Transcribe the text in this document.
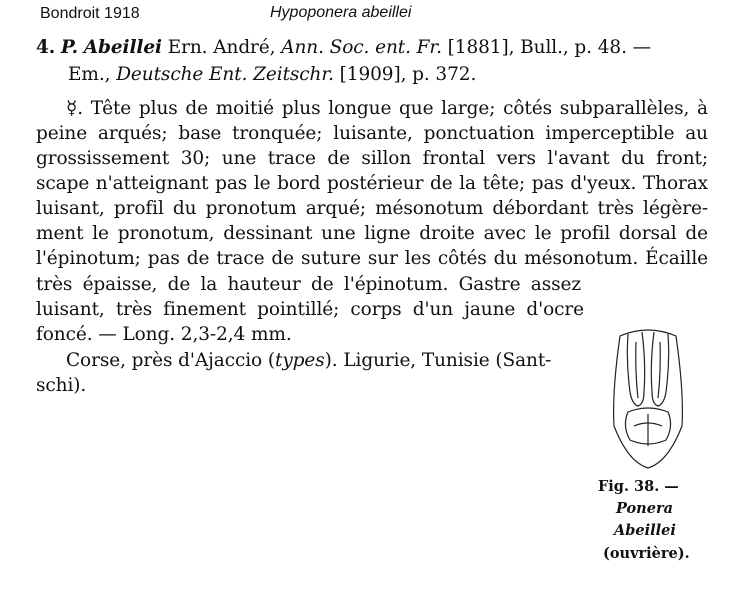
Bondroit 1918	Hypoponera abeillei
4. P. Abeillei Ern. André, Ann. Soc. ent. Fr. [1881], Bull., p. 48. —
Em., Deutsche Ent. Zeitschr. [1909], p. 372.
☿. Tête plus de moitié plus longue que large; côtés subparallèles, à
peine arqués; base tronquée; luisante, ponctuation imperceptible au
grossissement 30; une trace de sillon frontal vers l'avant du front;
scape n'atteignant pas le bord postérieur de la tête; pas d'yeux. Thorax
luisant, profil du pronotum arqué; mésonotum débordant très légère-
ment le pronotum, dessinant une ligne droite avec le profil dorsal de
l'épinotum; pas de trace de suture sur les côtés du mésonotum. Écaille
très épaisse, de la hauteur de l'épinotum. Gastre assez
luisant, très finement pointillé; corps d'un jaune d'ocre
foncé. — Long. 2,3-2,4 mm.
Corse, près d'Ajaccio (types). Ligurie, Tunisie (Sant-
schi).
Fig. 38. —
Ponera
Abeillei
(ouvrière).
